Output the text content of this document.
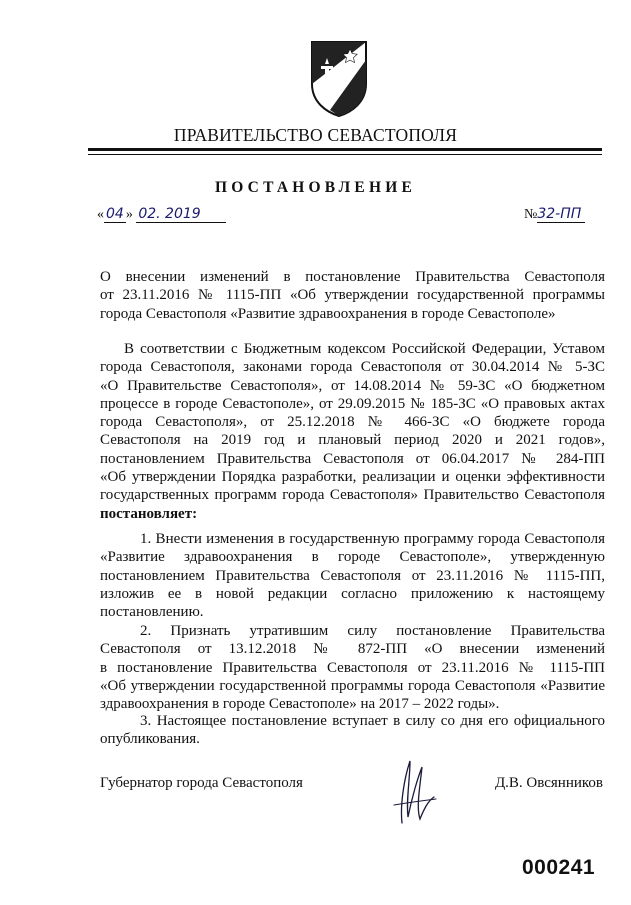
ПРАВИТЕЛЬСТВО СЕВАСТОПОЛЯ
ПОСТАНОВЛЕНИЕ
« 04 » 02. 2019	№32-ПП
О внесении изменений в постановление Правительства Севастополя
от 23.11.2016 № 1115-ПП «Об утверждении государственной программы
города Севастополя «Развитие здравоохранения в городе Севастополе»
В соответствии с Бюджетным кодексом Российской Федерации, Уставом
города Севастополя, законами города Севастополя от 30.04.2014 № 5-ЗС
«О Правительстве Севастополя», от 14.08.2014 № 59-ЗС «О бюджетном
процессе в городе Севастополе», от 29.09.2015 № 185-ЗС «О правовых актах
города Севастополя», от 25.12.2018 № 466-ЗС «О бюджете города
Севастополя на 2019 год и плановый период 2020 и 2021 годов»,
постановлением Правительства Севастополя от 06.04.2017 № 284-ПП
«Об утверждении Порядка разработки, реализации и оценки эффективности
государственных программ города Севастополя» Правительство Севастополя
постановляет:
1. Внести изменения в государственную программу города Севастополя
«Развитие здравоохранения в городе Севастополе», утвержденную
постановлением Правительства Севастополя от 23.11.2016 № 1115-ПП,
изложив ее в новой редакции согласно приложению к настоящему
постановлению.
2. Признать утратившим силу постановление Правительства
Севастополя от 13.12.2018 № 872-ПП «О внесении изменений
в постановление Правительства Севастополя от 23.11.2016 № 1115-ПП
«Об утверждении государственной программы города Севастополя «Развитие
здравоохранения в городе Севастополе» на 2017 – 2022 годы».
3. Настоящее постановление вступает в силу со дня его официального
опубликования.
Губернатор города Севастополя	Д.В. Овсянников
000241
